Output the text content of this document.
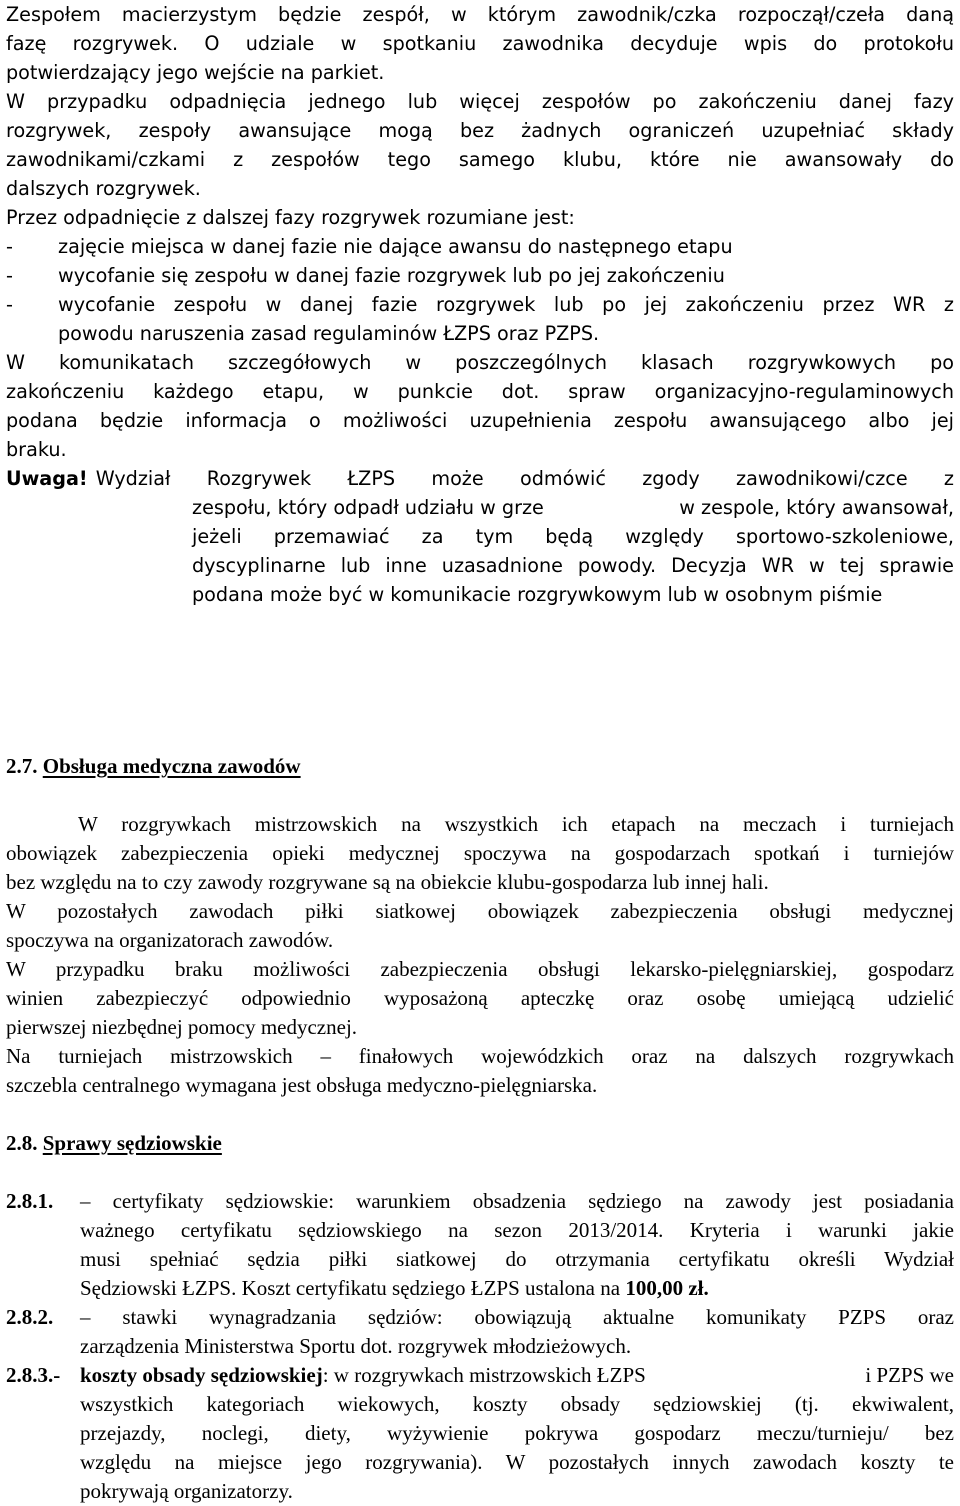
Zespołem macierzystym będzie zespół, w którym zawodnik/czka rozpoczął/czeła daną
fazę rozgrywek. O udziale w spotkaniu zawodnika decyduje wpis do protokołu
potwierdzający jego wejście na parkiet.
W przypadku odpadnięcia jednego lub więcej zespołów po zakończeniu danej fazy
rozgrywek, zespoły awansujące mogą bez żadnych ograniczeń uzupełniać składy
zawodnikami/czkami z zespołów tego samego klubu, które nie awansowały do
dalszych rozgrywek.
Przez odpadnięcie z dalszej fazy rozgrywek rozumiane jest:
-	zajęcie miejsca w danej fazie nie dające awansu do następnego etapu
-	wycofanie się zespołu w danej fazie rozgrywek lub po jej zakończeniu
-	wycofanie zespołu w danej fazie rozgrywek lub po jej zakończeniu przez WR z
powodu naruszenia zasad regulaminów ŁZPS oraz PZPS.
W komunikatach szczegółowych w poszczególnych klasach rozgrywkowych po
zakończeniu każdego etapu, w punkcie dot. spraw organizacyjno-regulaminowych
podana będzie informacja o możliwości uzupełnienia zespołu awansującego albo jej
braku.
Uwaga! Wydział Rozgrywek ŁZPS może odmówić zgody zawodnikowi/czce z
zespołu, który odpadł udziału w grze	w zespole, który awansował,
jeżeli przemawiać za tym będą względy sportowo-szkoleniowe,
dyscyplinarne lub inne uzasadnione powody. Decyzja WR w tej sprawie
podana może być w komunikacie rozgrywkowym lub w osobnym piśmie
2.7. Obsługa medyczna zawodów
W rozgrywkach mistrzowskich na wszystkich ich etapach na meczach i turniejach
obowiązek zabezpieczenia opieki medycznej spoczywa na gospodarzach spotkań i turniejów
bez względu na to czy zawody rozgrywane są na obiekcie klubu-gospodarza lub innej hali.
W pozostałych zawodach piłki siatkowej obowiązek zabezpieczenia obsługi medycznej
spoczywa na organizatorach zawodów.
W przypadku braku możliwości zabezpieczenia obsługi lekarsko-pielęgniarskiej, gospodarz
winien zabezpieczyć odpowiednio wyposażoną apteczkę oraz osobę umiejącą udzielić
pierwszej niezbędnej pomocy medycznej.
Na turniejach mistrzowskich – finałowych wojewódzkich oraz na dalszych rozgrywkach
szczebla centralnego wymagana jest obsługa medyczno-pielęgniarska.
2.8. Sprawy sędziowskie
2.8.1. – certyfikaty sędziowskie: warunkiem obsadzenia sędziego na zawody jest posiadania
ważnego certyfikatu sędziowskiego na sezon 2013/2014. Kryteria i warunki jakie
musi spełniać sędzia piłki siatkowej do otrzymania certyfikatu określi Wydział
Sędziowski ŁZPS. Koszt certyfikatu sędziego ŁZPS ustalona na 100,00 zł.
2.8.2. – stawki wynagradzania sędziów: obowiązują aktualne komunikaty PZPS oraz
zarządzenia Ministerstwa Sportu dot. rozgrywek młodzieżowych.
2.8.3.- koszty obsady sędziowskiej: w rozgrywkach mistrzowskich ŁZPS	i PZPS we
wszystkich kategoriach wiekowych, koszty obsady sędziowskiej (tj. ekwiwalent,
przejazdy, noclegi, diety, wyżywienie pokrywa gospodarz meczu/turnieju/ bez
względu na miejsce jego rozgrywania). W pozostałych innych zawodach koszty te
pokrywają organizatorzy.
